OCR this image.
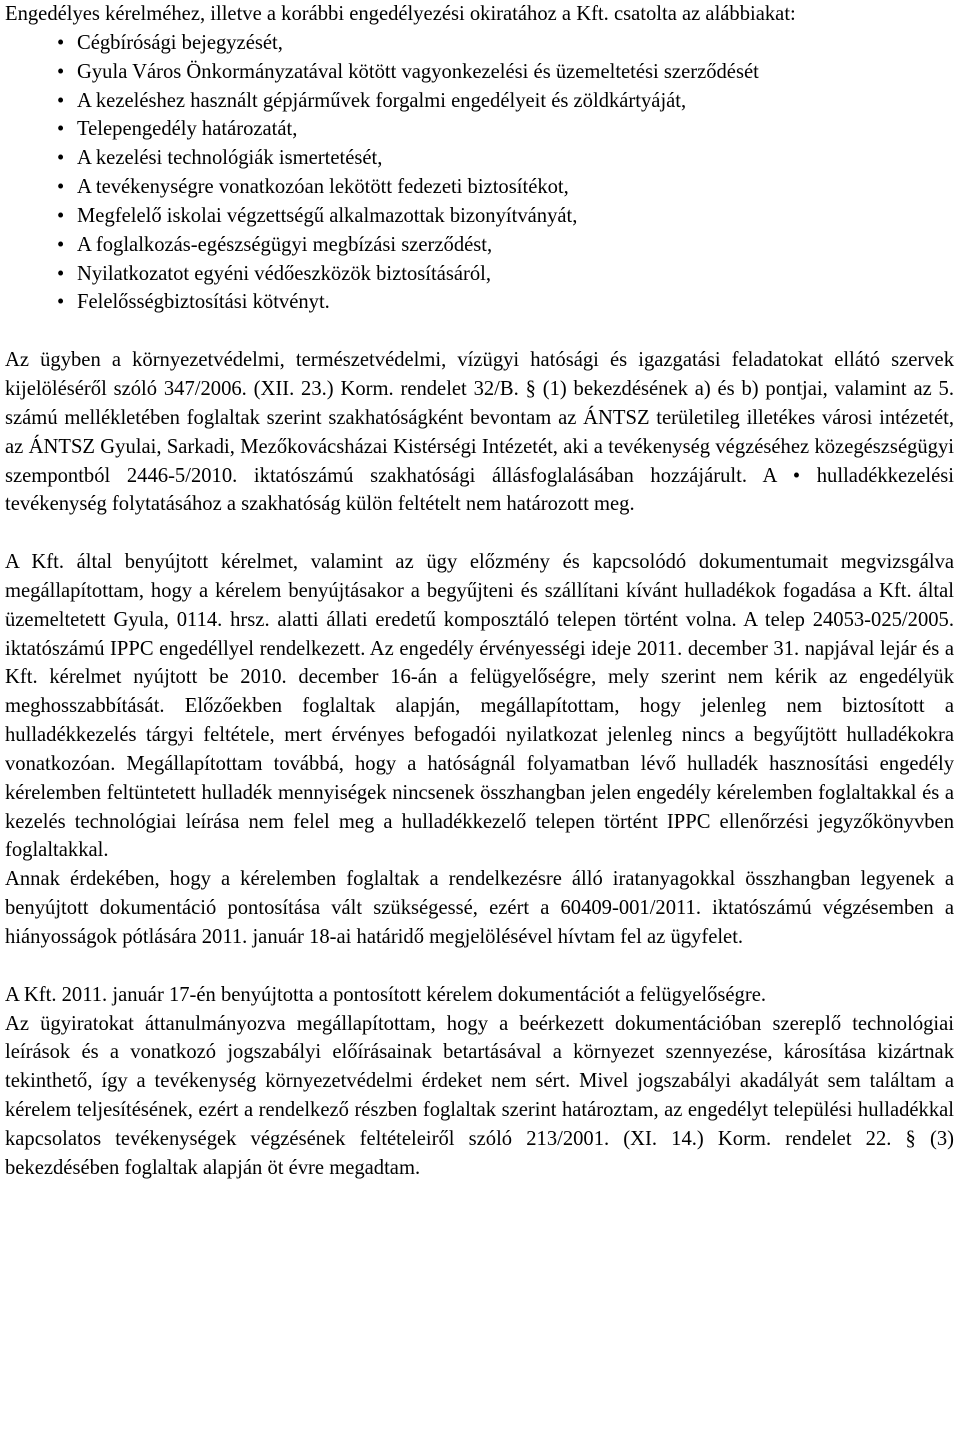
Engedélyes kérelméhez, illetve a korábbi engedélyezési okiratához a Kft. csatolta az alábbiakat:

• Cégbírósági bejegyzését,
• Gyula Város Önkormányzatával kötött vagyonkezelési és üzemeltetési szerződését
• A kezeléshez használt gépjárművek forgalmi engedélyeit és zöldkártyáját,
• Telepengedély határozatát,
• A kezelési technológiák ismertetését,
• A tevékenységre vonatkozóan lekötött fedezeti biztosítékot,
• Megfelelő iskolai végzettségű alkalmazottak bizonyítványát,
• A foglalkozás-egészségügyi megbízási szerződést,
• Nyilatkozatot egyéni védőeszközök biztosításáról,
• Felelősségbiztosítási kötvényt.

Az ügyben a környezetvédelmi, természetvédelmi, vízügyi hatósági és igazgatási feladatokat ellátó szervek kijelöléséről szóló 347/2006. (XII. 23.) Korm. rendelet 32/B. § (1) bekezdésének a) és b) pontjai, valamint az 5. számú mellékletében foglaltak szerint szakhatóságként bevontam az ÁNTSZ területileg illetékes városi intézetét, az ÁNTSZ Gyulai, Sarkadi, Mezőkovácsházai Kistérségi Intézetét, aki a tevékenység végzéséhez közegészségügyi szempontból 2446-5/2010. iktatószámú szakhatósági állásfoglalásában hozzájárult. A • hulladékkezelési tevékenység folytatásához a szakhatóság külön feltételt nem határozott meg.

A Kft. által benyújtott kérelmet, valamint az ügy előzmény és kapcsolódó dokumentumait megvizsgálva megállapítottam, hogy a kérelem benyújtásakor a begyűjteni és szállítani kívánt hulladékok fogadása a Kft. által üzemeltetett Gyula, 0114. hrsz. alatti állati eredetű komposztáló telepen történt volna. A telep 24053-025/2005. iktatószámú IPPC engedéllyel rendelkezett. Az engedély érvényességi ideje 2011. december 31. napjával lejár és a Kft. kérelmet nyújtott be 2010. december 16-án a felügyelőségre, mely szerint nem kérik az engedélyük meghosszabbítását. Előzőekben foglaltak alapján, megállapítottam, hogy jelenleg nem biztosított a hulladékkezelés tárgyi feltétele, mert érvényes befogadói nyilatkozat jelenleg nincs a begyűjtött hulladékokra vonatkozóan. Megállapítottam továbbá, hogy a hatóságnál folyamatban lévő hulladék hasznosítási engedély kérelemben feltüntetett hulladék mennyiségek nincsenek összhangban jelen engedély kérelemben foglaltakkal és a kezelés technológiai leírása nem felel meg a hulladékkezelő telepen történt IPPC ellenőrzési jegyzőkönyvben foglaltakkal.

Annak érdekében, hogy a kérelemben foglaltak a rendelkezésre álló iratanyagokkal összhangban legyenek a benyújtott dokumentáció pontosítása vált szükségessé, ezért a 60409-001/2011. iktatószámú végzésemben a hiányosságok pótlására 2011. január 18-ai határidő megjelölésével hívtam fel az ügyfelet.

A Kft. 2011. január 17-én benyújtotta a pontosított kérelem dokumentációt a felügyelőségre.

Az ügyiratokat áttanulmányozva megállapítottam, hogy a beérkezett dokumentációban szereplő technológiai leírások és a vonatkozó jogszabályi előírásainak betartásával a környezet szennyezése, károsítása kizártnak tekinthető, így a tevékenység környezetvédelmi érdeket nem sért. Mivel jogszabályi akadályát sem találtam a kérelem teljesítésének, ezért a rendelkező részben foglaltak szerint határoztam, az engedélyt települési hulladékkal kapcsolatos tevékenységek végzésének feltételeiről szóló 213/2001. (XI. 14.) Korm. rendelet 22. § (3) bekezdésében foglaltak alapján öt évre megadtam.
